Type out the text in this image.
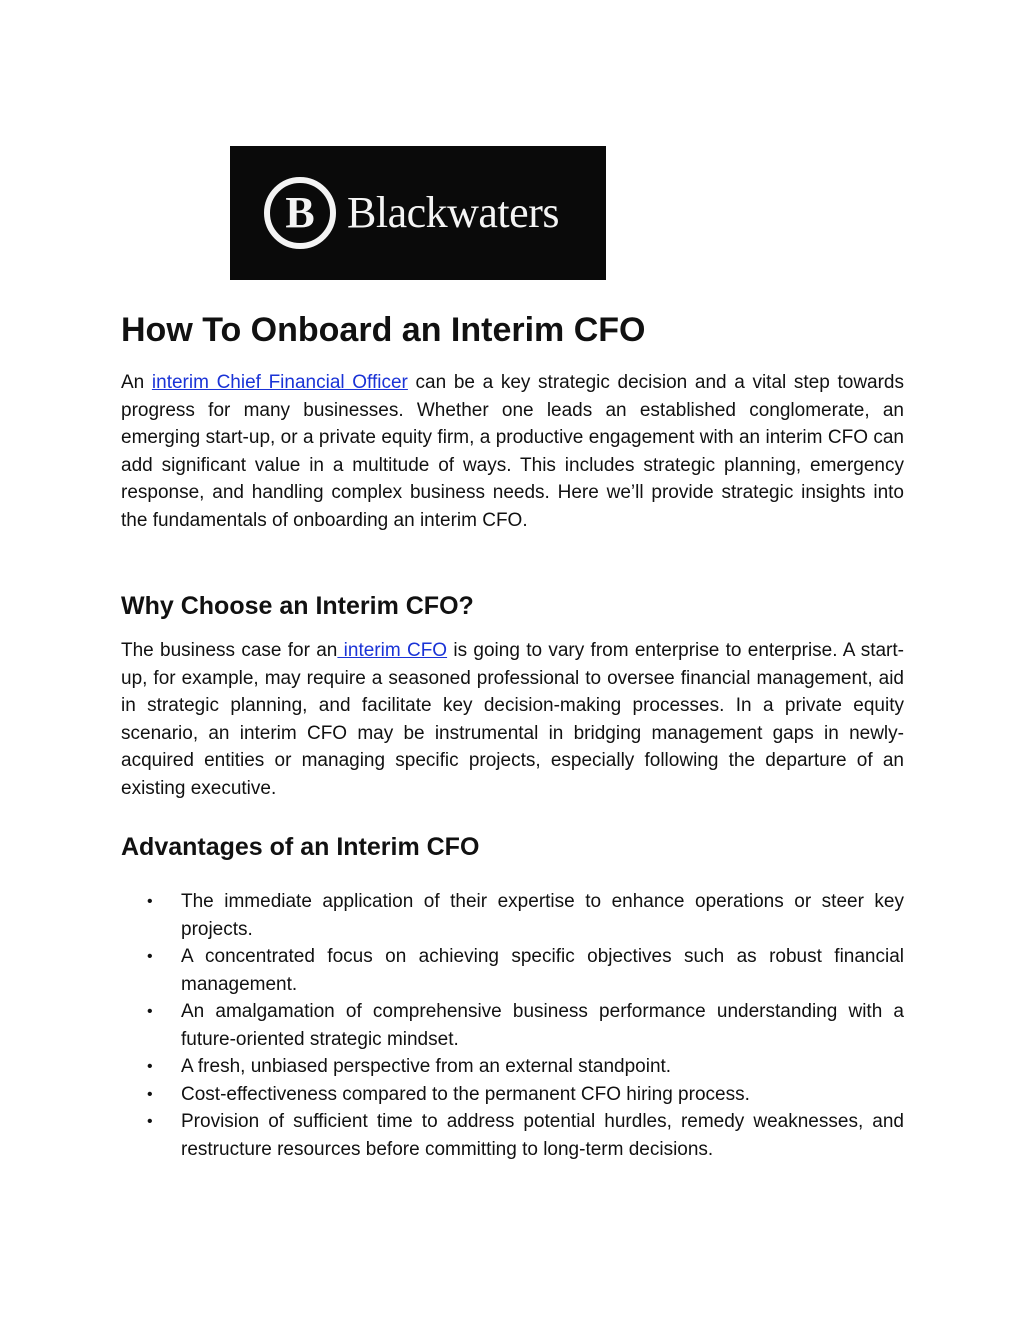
B Blackwaters
How To Onboard an Interim CFO

An interim Chief Financial Officer can be a key strategic decision and a vital step towards progress for many businesses. Whether one leads an established conglomerate, an emerging start-up, or a private equity firm, a productive engagement with an interim CFO can add significant value in a multitude of ways. This includes strategic planning, emergency response, and handling complex business needs. Here we’ll provide strategic insights into the fundamentals of onboarding an interim CFO.

Why Choose an Interim CFO?

The business case for an interim CFO is going to vary from enterprise to enterprise. A start-up, for example, may require a seasoned professional to oversee financial management, aid in strategic planning, and facilitate key decision-making processes. In a private equity scenario, an interim CFO may be instrumental in bridging management gaps in newly-acquired entities or managing specific projects, especially following the departure of an existing executive.

Advantages of an Interim CFO
• The immediate application of their expertise to enhance operations or steer key projects.
• A concentrated focus on achieving specific objectives such as robust financial management.
• An amalgamation of comprehensive business performance understanding with a future-oriented strategic mindset.
• A fresh, unbiased perspective from an external standpoint.
• Cost-effectiveness compared to the permanent CFO hiring process.
• Provision of sufficient time to address potential hurdles, remedy weaknesses, and restructure resources before committing to long-term decisions.
